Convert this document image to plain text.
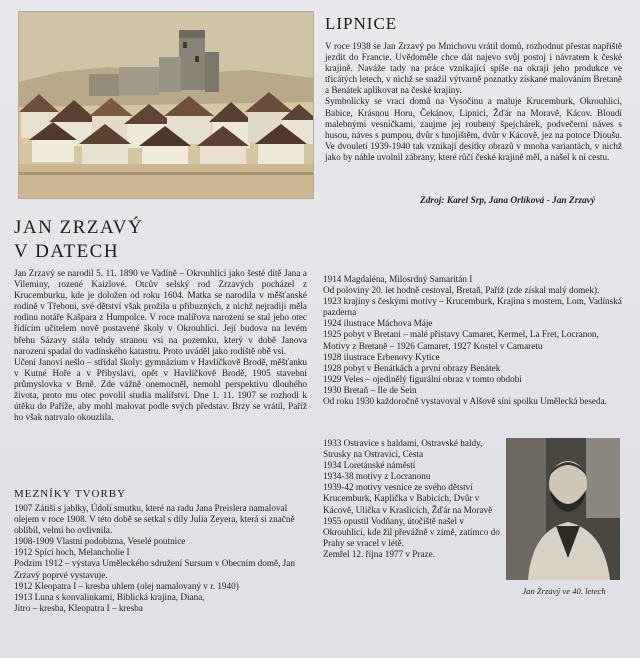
LIPNICE

V roce 1938 se Jan Zrzavý po Mnichovu vrátil domů, rozhodnut přestat napříště jezdit do Francie. Uvědoměle chce dát najevo svůj postoj i návratem k české krajině. Naváže tady na práce vznikající spíše na okraji jeho produkce ve třicátých letech, v nichž se snažil výtvarně poznatky získané malováním Bretaně a Benátek aplikovat na české krajiny.

Symbolicky se vrací domů na Vysočinu a maluje Krucemburk, Okrouhlici, Babice, Krásnou Horu, Čekánov, Lipnici, Žďár na Moravě, Kácov. Bloudí malebnými vesničkami, zaujme jej roubený špejchárek, podvečerní náves s husou, náves s pumpou, dvůr s hnojištěm, dvůr v Kácově, jez na potoce Dioušu. Ve dvouletí 1939-1940 tak vznikají desítky obrazů v mnoha variantách, v nichž jako by náhle uvolnil zábrany, které růčí české krajině měl, a našel k ní cestu.

Zdroj: Karel Srp, Jana Orlíková - Jan Zrzavý
JAN ZRZAVÝ
V DATECH

Jan Zrzavý se narodil 5. 11. 1890 ve Vadíně – Okrouhlici jako šesté dítě Jana a Vileminy, rozené Kaizlové. Otcův selský rod Zrzavých pocházel z Krucemburku, kde je doložen od roku 1604. Matka se narodila v měšťanské rodině v Třeboni, své dětství však prožila u příbuzných, z nichž nejradiji měla rodinu notáře Kašpara z Humpolce. V roce malířova narození se stal jeho otec řídícím učitelem nově postavené školy v Okrouhlici. Její budova na levém břehu Sázavy stála tehdy stranou vsi na pozemku, který v době Janova narození spadal do vadínského katastru. Proto uváděl jako rodiště obě vsi.

Učení Janovi nešlo – střídal školy: gymnázium v Havlíčkově Brodě, měšťanku v Kutné Hoře a v Přibyslavi, opět v Havlíčkově Brodě, 1905 stavební průmyslovka v Brně. Zde vážně onemocněl, nemohl perspektivu dlouhého života, proto mu otec povolil studia malířství. Dne 1. 11. 1907 se rozhodl k útěku do Paříže, aby mohl malovat podle svých představ. Brzy se vrátil, Paříž ho však natrvalo okouzlila.

MEZNÍKY TVORBY
1907 Zátiší s jablky, Údolí smutku, které na radu Jana Preislera namaloval olejem v roce 1908. V této době se setkal s díly Julia Zeyera, která si značně oblíbil, velmi ho ovlivnila.
1908-1909 Vlastní podobizna, Veselé poutnice
1912 Spící hoch, Melancholie I
Podzim 1912 – výstava Uměleckého sdružení Sursum v Obecním domě, Jan Zrzavý poprvé vystavuje.
1912 Kleopatra I – kresba uhlem (olej namalovaný v r. 1940)
1913 Luna s konvalinkami, Biblická krajina, Diana,
Jitro – kresba, Kleopatra I – kresba
1914 Magdaléna, Milosrdný Samaritán I
Od poloviny 20. let hodně cestoval, Bretaň, Paříž (zde získal malý domek).
1923 krajiny s českými motivy – Krucemburk, Krajina s mostem, Lom, Vadínská pazderna
1924 ilustrace Máchova Máje
1925 pobyt v Bretani – malé přístavy Camaret, Kermel, La Fret, Locranon, Motivy z Bretaně – 1926 Camaret, 1927 Kostel v Camaretu
1928 ilustrace Erbenovy Kytice
1928 pobyt v Benátkách a první obrazy Benátek
1929 Veles – ojedinělý figurální obraz v tomto období
1930 Bretaň – Ile de Sein
Od roku 1930 každoročně vystavoval v Alšově síni spolku Umělecká beseda.
1933 Ostravice s haldami, Ostravské haldy, Strusky na Ostravici, Cesta
1934 Loretánské náměstí
1934-38 motivy z Locranonu
1939-42 motivy vesnice ze svého dětství Krucemburk, Kaplička v Babicích, Dvůr v Kácově, Ulička v Kraslicích, Žďár na Moravě
1955 opustil Vodňany, útočiště našel v Okrouhlici, kde žil převážně v zimě, zatímco do Prahy se vracel v létě.
Zemřel 12. října 1977 v Praze.
Jan Zrzavý ve 40. letech
